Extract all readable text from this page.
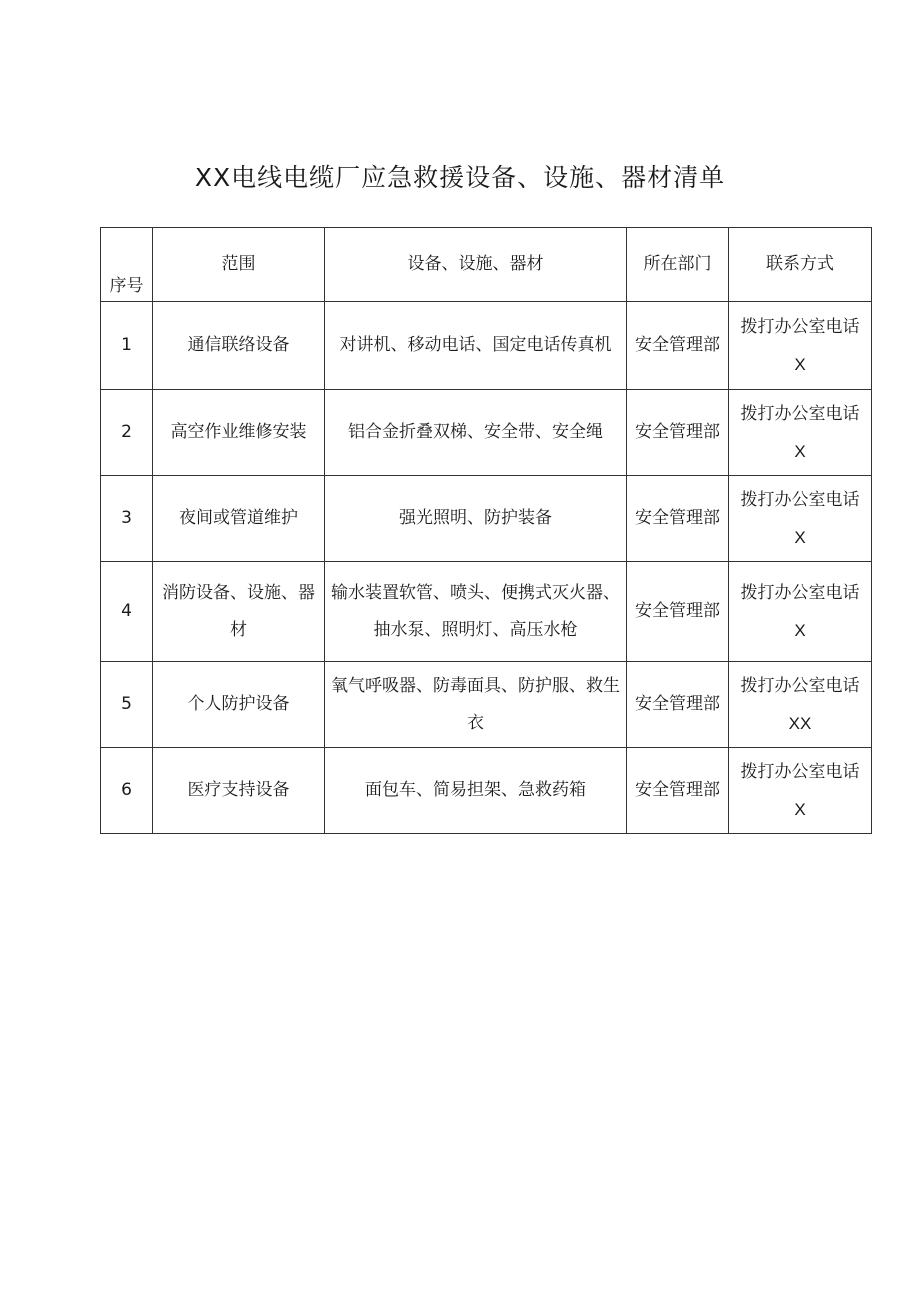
XX电线电缆厂应急救援设备、设施、器材清单
序号	范围	设备、设施、器材	所在部门	联系方式
1	通信联络设备	对讲机、移动电话、国定电话传真机	安全管理部	拨打办公室电话
X

2	高空作业维修安装	铝合金折叠双梯、安全带、安全绳	安全管理部	拨打办公室电话
X

3	夜间或管道维护	强光照明、防护装备	安全管理部	拨打办公室电话
X

4	消防设备、设施、器材	输水装置软管、喷头、便携式灭火器、抽水泵、照明灯、高压水枪	安全管理部	拨打办公室电话
X

5	个人防护设备	氧气呼吸器、防毒面具、防护服、救生衣	安全管理部	拨打办公室电话
XX

6	医疗支持设备	面包车、简易担架、急救药箱	安全管理部	拨打办公室电话
X
